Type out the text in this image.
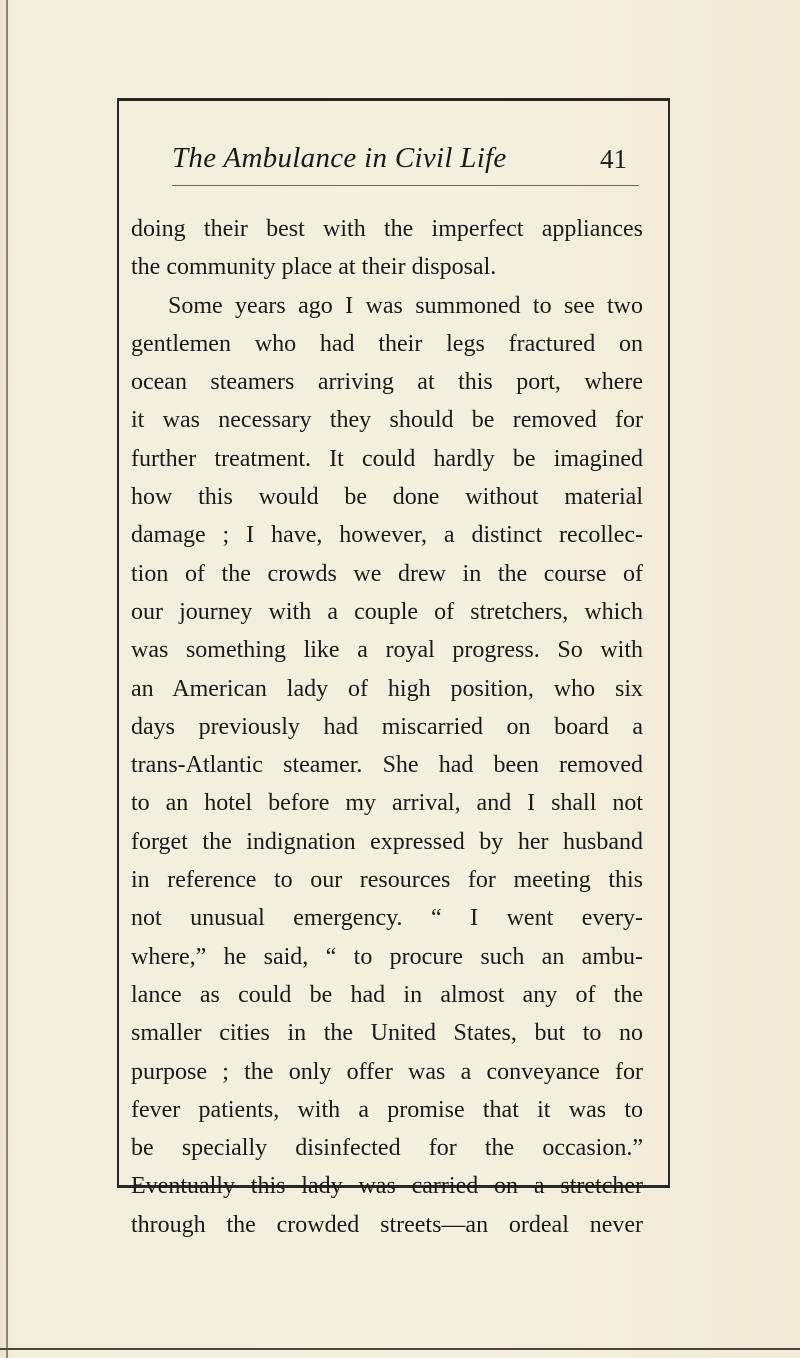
The Ambulance in Civil Life	41
doing their best with the imperfect appliances
the community place at their disposal.
Some years ago I was summoned to see two
gentlemen who had their legs fractured on
ocean steamers arriving at this port, where
it was necessary they should be removed for
further treatment. It could hardly be imagined
how this would be done without material
damage ; I have, however, a distinct recollec-
tion of the crowds we drew in the course of
our journey with a couple of stretchers, which
was something like a royal progress. So with
an American lady of high position, who six
days previously had miscarried on board a
trans-Atlantic steamer. She had been removed
to an hotel before my arrival, and I shall not
forget the indignation expressed by her husband
in reference to our resources for meeting this
not unusual emergency. “ I went every-
where,” he said, “ to procure such an ambu-
lance as could be had in almost any of the
smaller cities in the United States, but to no
purpose ; the only offer was a conveyance for
fever patients, with a promise that it was to
be specially disinfected for the occasion.”
Eventually this lady was carried on a stretcher
through the crowded streets—an ordeal never
